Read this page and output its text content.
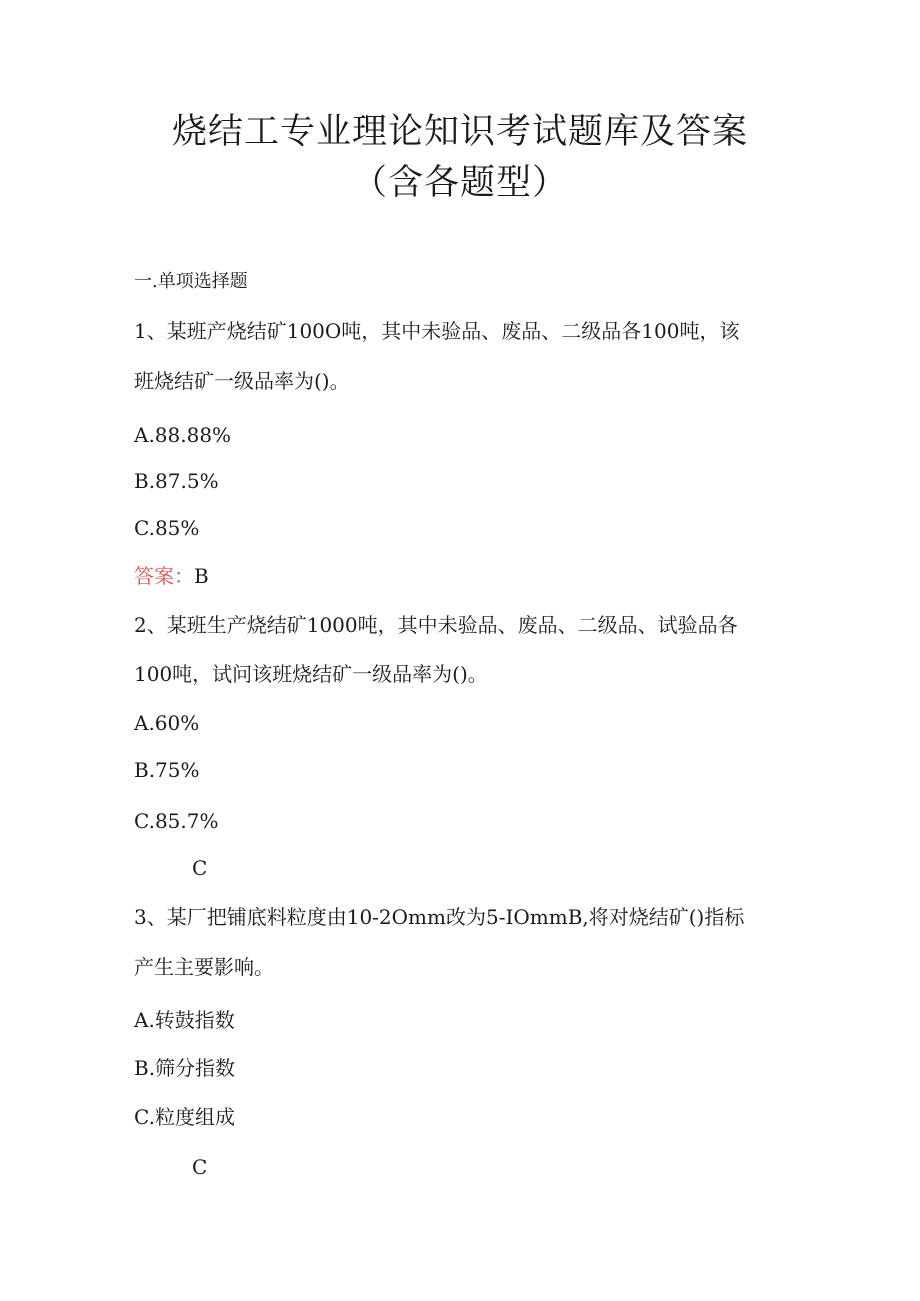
烧结工专业理论知识考试题库及答案
（含各题型）

一.单项选择题

1、某班产烧结矿100O吨，其中未验品、废品、二级品各100吨，该

班烧结矿一级品率为()。

A.88.88%

B.87.5%

C.85%

答案：B

2、某班生产烧结矿1000吨，其中未验品、废品、二级品、试验品各

100吨，试问该班烧结矿一级品率为()。

A.60%

B.75%

C.85.7%

C

3、某厂把铺底料粒度由10-2Omm改为5-IOmmB,将对烧结矿()指标

产生主要影响。

A.转鼓指数

B.筛分指数

C.粒度组成

C
